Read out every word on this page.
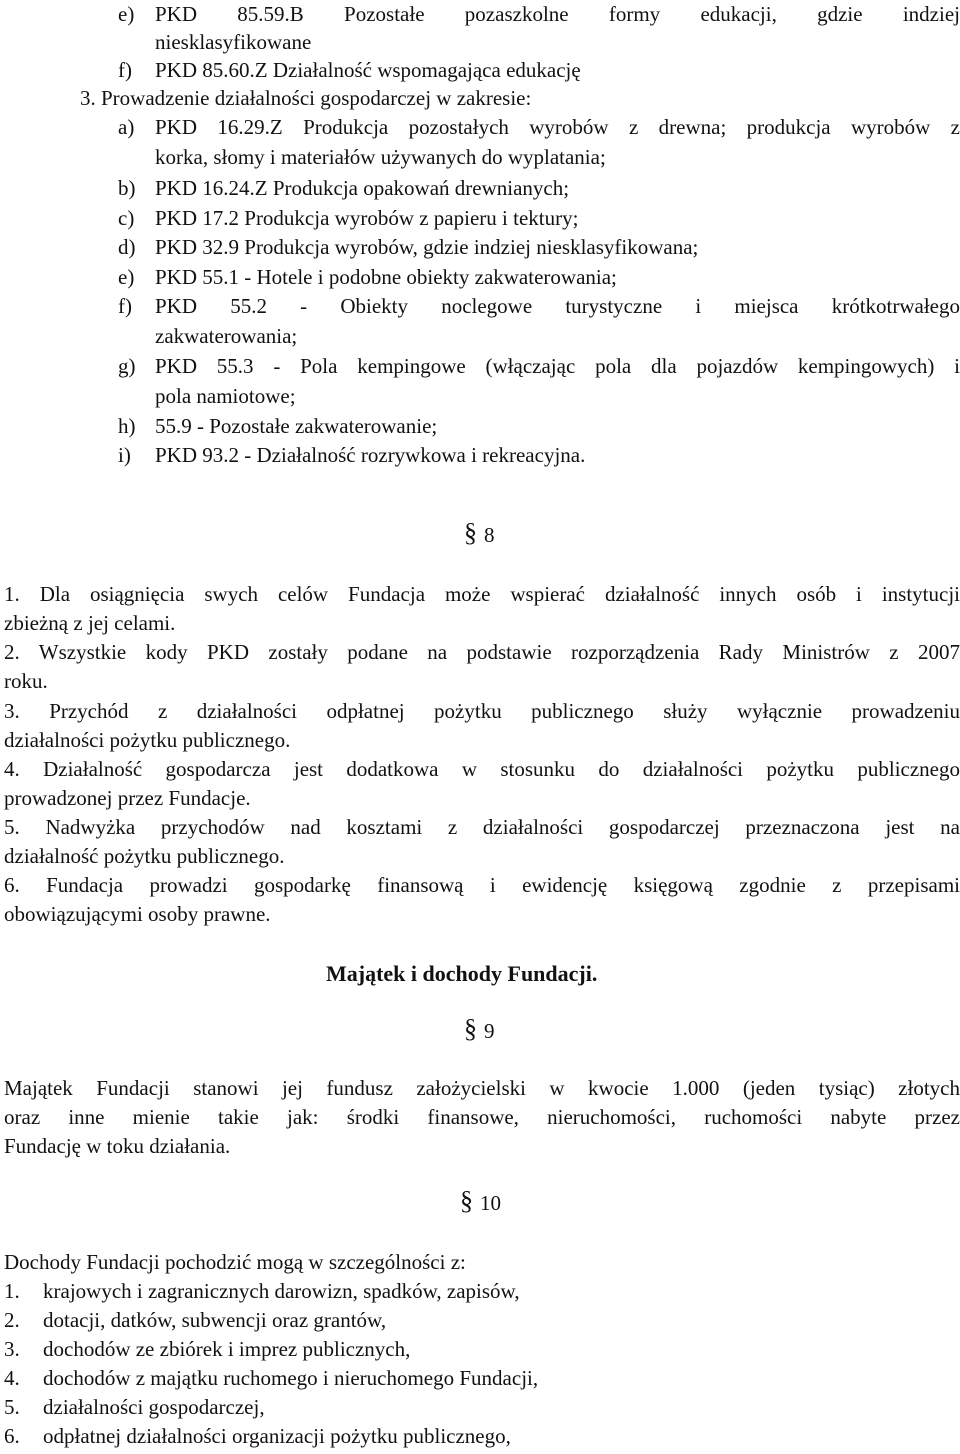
e) PKD 85.59.B Pozostałe pozaszkolne formy edukacji, gdzie indziej
niesklasyfikowane
f) PKD 85.60.Z Działalność wspomagająca edukację
3. Prowadzenie działalności gospodarczej w zakresie:
a) PKD 16.29.Z Produkcja pozostałych wyrobów z drewna; produkcja wyrobów z
korka, słomy i materiałów używanych do wyplatania;
b) PKD 16.24.Z Produkcja opakowań drewnianych;
c) PKD 17.2 Produkcja wyrobów z papieru i tektury;
d) PKD 32.9 Produkcja wyrobów, gdzie indziej niesklasyfikowana;
e) PKD 55.1 - Hotele i podobne obiekty zakwaterowania;
f) PKD 55.2 - Obiekty noclegowe turystyczne i miejsca krótkotrwałego
zakwaterowania;
g) PKD 55.3 - Pola kempingowe (włączając pola dla pojazdów kempingowych) i
pola namiotowe;
h) 55.9 - Pozostałe zakwaterowanie;
i) PKD 93.2 - Działalność rozrywkowa i rekreacyjna.
§ 8
1. Dla osiągnięcia swych celów Fundacja może wspierać działalność innych osób i instytucji
zbieżną z jej celami.
2. Wszystkie kody PKD zostały podane na podstawie rozporządzenia Rady Ministrów z 2007
roku.
3. Przychód z działalności odpłatnej pożytku publicznego służy wyłącznie prowadzeniu
działalności pożytku publicznego.
4. Działalność gospodarcza jest dodatkowa w stosunku do działalności pożytku publicznego
prowadzonej przez Fundacje.
5. Nadwyżka przychodów nad kosztami z działalności gospodarczej przeznaczona jest na
działalność pożytku publicznego.
6. Fundacja prowadzi gospodarkę finansową i ewidencję księgową zgodnie z przepisami
obowiązującymi osoby prawne.
Majątek i dochody Fundacji.
§ 9
Majątek Fundacji stanowi jej fundusz założycielski w kwocie 1.000 (jeden tysiąc) złotych
oraz inne mienie takie jak: środki finansowe, nieruchomości, ruchomości nabyte przez
Fundację w toku działania.
§ 10
Dochody Fundacji pochodzić mogą w szczególności z:
1. krajowych i zagranicznych darowizn, spadków, zapisów,
2. dotacji, datków, subwencji oraz grantów,
3. dochodów ze zbiórek i imprez publicznych,
4. dochodów z majątku ruchomego i nieruchomego Fundacji,
5. działalności gospodarczej,
6. odpłatnej działalności organizacji pożytku publicznego,
